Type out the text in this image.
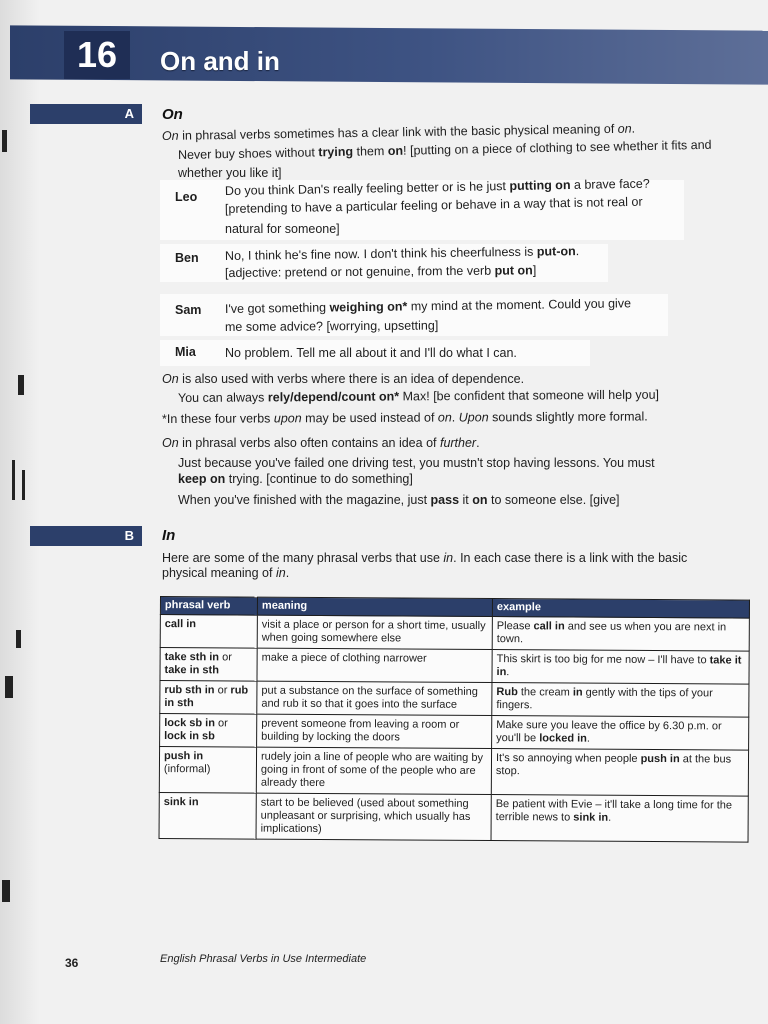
16	On and in
A	On
On in phrasal verbs sometimes has a clear link with the basic physical meaning of on.
Never buy shoes without trying them on! [putting on a piece of clothing to see whether it fits and
whether you like it]
Leo Do you think Dan's really feeling better or is he just putting on a brave face?
[pretending to have a particular feeling or behave in a way that is not real or
natural for someone]
Ben No, I think he's fine now. I don't think his cheerfulness is put-on.
[adjective: pretend or not genuine, from the verb put on]
Sam I've got something weighing on* my mind at the moment. Could you give
me some advice? [worrying, upsetting]
Mia No problem. Tell me all about it and I'll do what I can.
On is also used with verbs where there is an idea of dependence.
You can always rely/depend/count on* Max! [be confident that someone will help you]
*In these four verbs upon may be used instead of on. Upon sounds slightly more formal.
On in phrasal verbs also often contains an idea of further.
Just because you've failed one driving test, you mustn't stop having lessons. You must
keep on trying. [continue to do something]
When you've finished with the magazine, just pass it on to someone else. [give]
B	In
Here are some of the many phrasal verbs that use in. In each case there is a link with the basic
physical meaning of in.
phrasal verb	meaning	example
call in	visit a place or person for a short time, usually when going somewhere else	Please call in and see us when you are next in town.
take sth in or take in sth	make a piece of clothing narrower	This skirt is too big for me now – I'll have to take it in.
rub sth in or rub in sth	put a substance on the surface of something and rub it so that it goes into the surface	Rub the cream in gently with the tips of your fingers.
lock sb in or lock in sb	prevent someone from leaving a room or building by locking the doors	Make sure you leave the office by 6.30 p.m. or you'll be locked in.
push in
(informal)	rudely join a line of people who are waiting by going in front of some of the people who are already there	It's so annoying when people push in at the bus stop.
sink in	start to be believed (used about something unpleasant or surprising, which usually has implications)	Be patient with Evie – it'll take a long time for the terrible news to sink in.
36	English Phrasal Verbs in Use Intermediate
